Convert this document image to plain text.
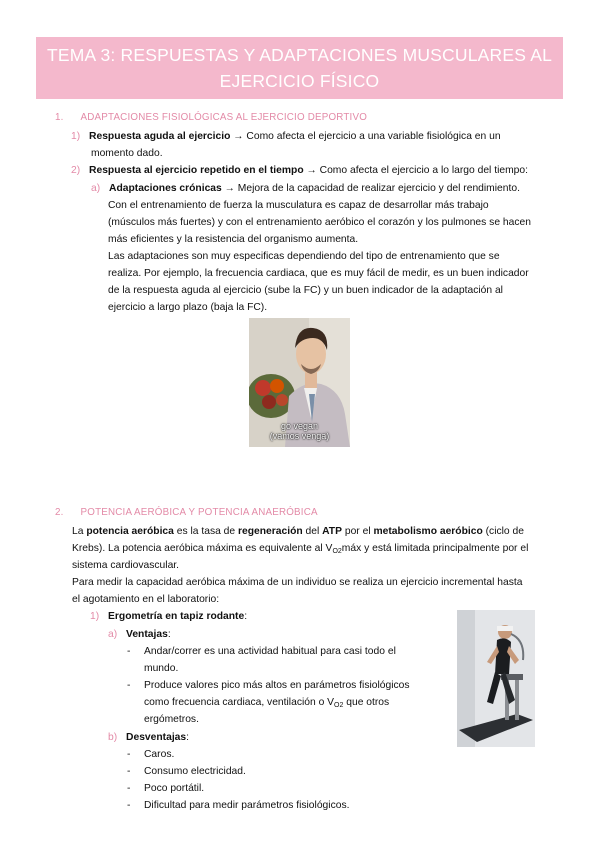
TEMA 3: RESPUESTAS Y ADAPTACIONES MUSCULARES AL
EJERCICIO FÍSICO
1. ADAPTACIONES FISIOLÓGICAS AL EJERCICIO DEPORTIVO
1) Respuesta aguda al ejercicio → Como afecta el ejercicio a una variable fisiológica en un
momento dado.
2) Respuesta al ejercicio repetido en el tiempo → Como afecta el ejercicio a lo largo del tiempo:
a) Adaptaciones crónicas → Mejora de la capacidad de realizar ejercicio y del rendimiento.
Con el entrenamiento de fuerza la musculatura es capaz de desarrollar más trabajo
(músculos más fuertes) y con el entrenamiento aeróbico el corazón y los pulmones se hacen
más eficientes y la resistencia del organismo aumenta.
Las adaptaciones son muy especificas dependiendo del tipo de entrenamiento que se
realiza. Por ejemplo, la frecuencia cardiaca, que es muy fácil de medir, es un buen indicador
de la respuesta aguda al ejercicio (sube la FC) y un buen indicador de la adaptación al
ejercicio a largo plazo (baja la FC).
go vegan
(vamos venga)
2. POTENCIA AERÓBICA Y POTENCIA ANAERÓBICA
La potencia aeróbica es la tasa de regeneración del ATP por el metabolismo aeróbico (ciclo de
Krebs). La potencia aeróbica máxima es equivalente al $V_{O2}máx$ y está limitada principalmente por el
sistema cardiovascular.
Para medir la capacidad aeróbica máxima de un individuo se realiza un ejercicio incremental hasta
el agotamiento en el laboratorio:
1) Ergometría en tapiz rodante:
a) Ventajas:
- Andar/correr es una actividad habitual para casi todo el
mundo.
- Produce valores pico más altos en parámetros fisiológicos
como frecuencia cardiaca, ventilación o $V_{O2}$ que otros
ergómetros.
b) Desventajas:
- Caros.
- Consumo electricidad.
- Poco portátil.
- Dificultad para medir parámetros fisiológicos.
